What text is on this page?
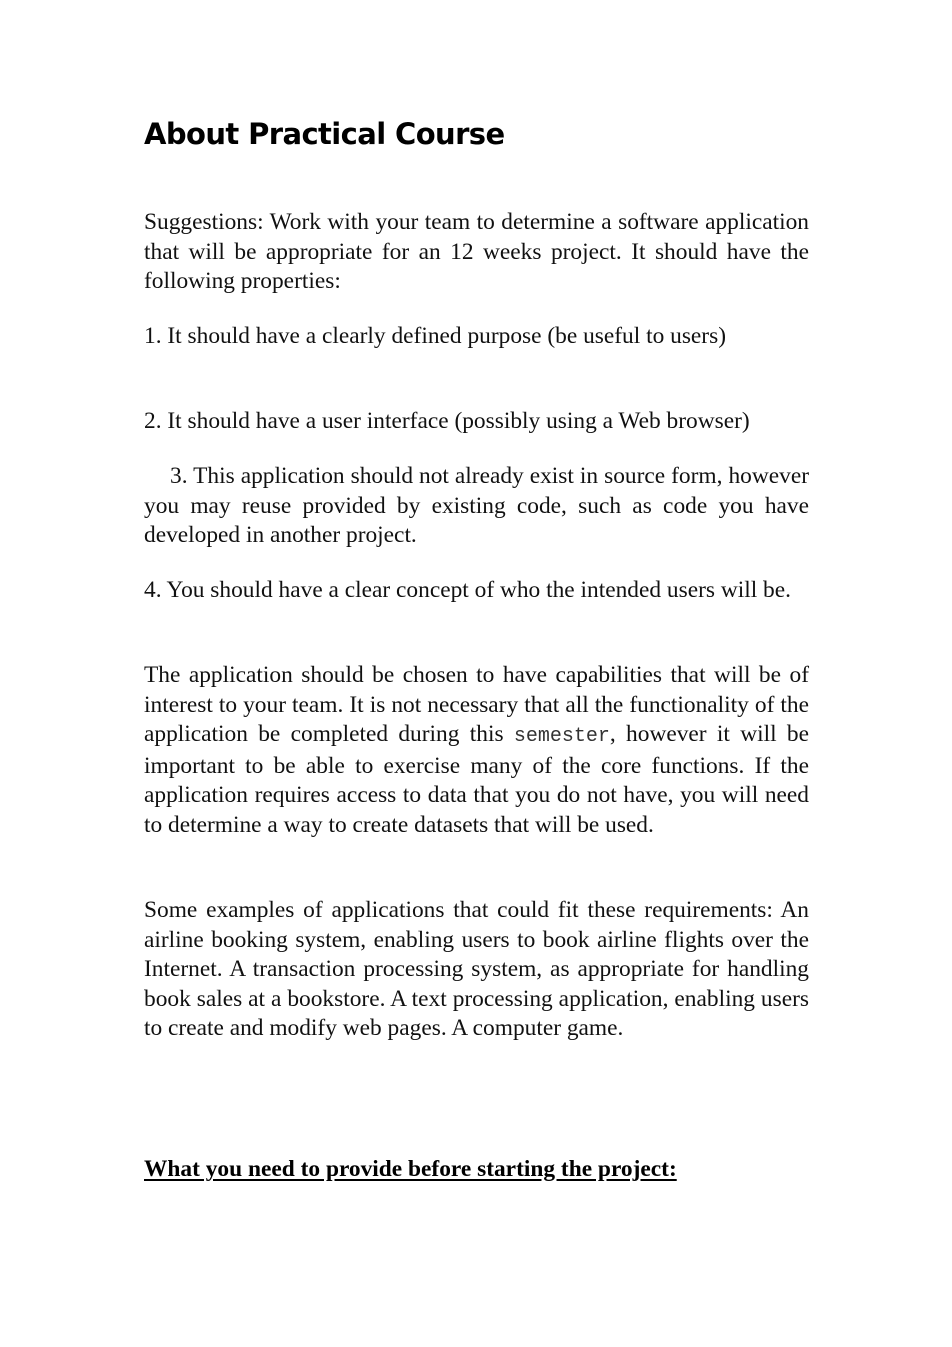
About Practical Course

Suggestions: Work with your team to determine a software application that will be appropriate for an 12 weeks project. It should have the following properties:

1. It should have a clearly defined purpose (be useful to users)

2. It should have a user interface (possibly using a Web browser)

3. This application should not already exist in source form, however you may reuse provided by existing code, such as code you have developed in another project.

4. You should have a clear concept of who the intended users will be.

The application should be chosen to have capabilities that will be of interest to your team. It is not necessary that all the functionality of the application be completed during this semester, however it will be important to be able to exercise many of the core functions. If the application requires access to data that you do not have, you will need to determine a way to create datasets that will be used.

Some examples of applications that could fit these requirements: An airline booking system, enabling users to book airline flights over the Internet. A transaction processing system, as appropriate for handling book sales at a bookstore. A text processing application, enabling users to create and modify web pages. A computer game.

What you need to provide before starting the project:
